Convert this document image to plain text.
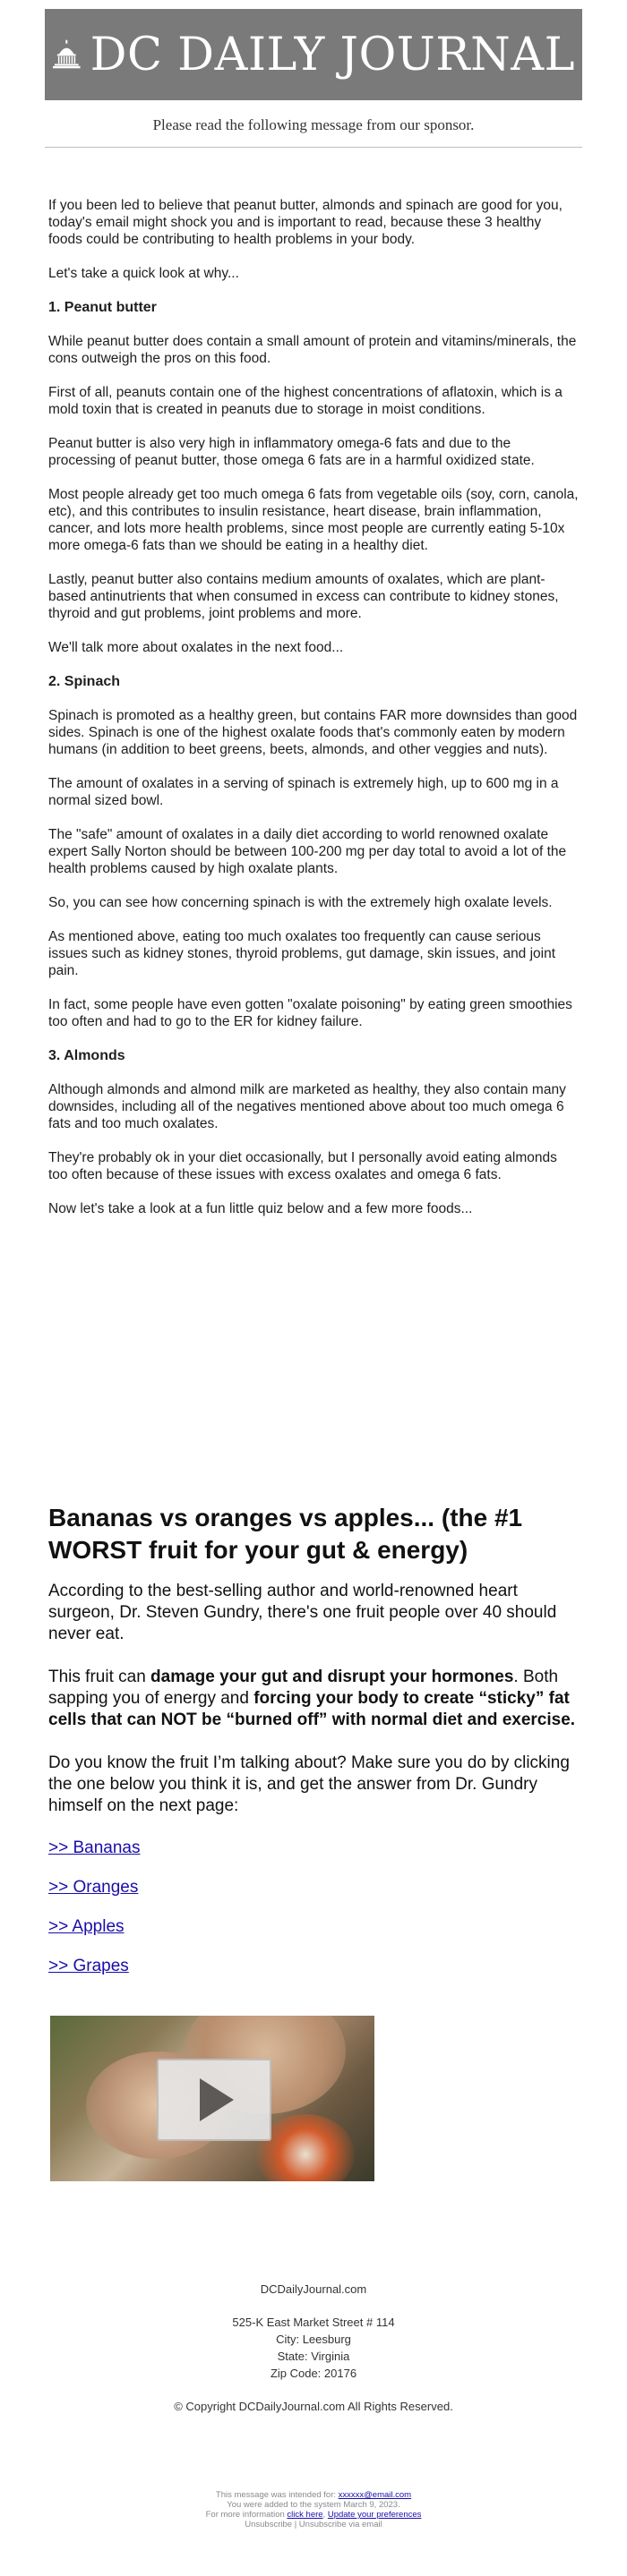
DC DAILY JOURNAL
Please read the following message from our sponsor.

If you been led to believe that peanut butter, almonds and spinach are good for you, today's email might shock you and is important to read, because these 3 healthy foods could be contributing to health problems in your body.

Let's take a quick look at why...

1. Peanut butter

While peanut butter does contain a small amount of protein and vitamins/minerals, the cons outweigh the pros on this food.

First of all, peanuts contain one of the highest concentrations of aflatoxin, which is a mold toxin that is created in peanuts due to storage in moist conditions.

Peanut butter is also very high in inflammatory omega-6 fats and due to the processing of peanut butter, those omega 6 fats are in a harmful oxidized state.

Most people already get too much omega 6 fats from vegetable oils (soy, corn, canola, etc), and this contributes to insulin resistance, heart disease, brain inflammation, cancer, and lots more health problems, since most people are currently eating 5-10x more omega-6 fats than we should be eating in a healthy diet.

Lastly, peanut butter also contains medium amounts of oxalates, which are plant-based antinutrients that when consumed in excess can contribute to kidney stones, thyroid and gut problems, joint problems and more.

We'll talk more about oxalates in the next food...

2. Spinach

Spinach is promoted as a healthy green, but contains FAR more downsides than good sides. Spinach is one of the highest oxalate foods that's commonly eaten by modern humans (in addition to beet greens, beets, almonds, and other veggies and nuts).

The amount of oxalates in a serving of spinach is extremely high, up to 600 mg in a normal sized bowl.

The "safe" amount of oxalates in a daily diet according to world renowned oxalate expert Sally Norton should be between 100-200 mg per day total to avoid a lot of the health problems caused by high oxalate plants.

So, you can see how concerning spinach is with the extremely high oxalate levels.

As mentioned above, eating too much oxalates too frequently can cause serious issues such as kidney stones, thyroid problems, gut damage, skin issues, and joint pain.

In fact, some people have even gotten "oxalate poisoning" by eating green smoothies too often and had to go to the ER for kidney failure.

3. Almonds

Although almonds and almond milk are marketed as healthy, they also contain many downsides, including all of the negatives mentioned above about too much omega 6 fats and too much oxalates.

They're probably ok in your diet occasionally, but I personally avoid eating almonds too often because of these issues with excess oxalates and omega 6 fats.

Now let's take a look at a fun little quiz below and a few more foods...

Bananas vs oranges vs apples... (the #1 WORST fruit for your gut & energy)

According to the best-selling author and world-renowned heart surgeon, Dr. Steven Gundry, there's one fruit people over 40 should never eat.

This fruit can damage your gut and disrupt your hormones. Both sapping you of energy and forcing your body to create “sticky” fat cells that can NOT be “burned off” with normal diet and exercise.

Do you know the fruit I’m talking about? Make sure you do by clicking the one below you think it is, and get the answer from Dr. Gundry himself on the next page:

>> Bananas
>> Oranges
>> Apples
>> Grapes
DCDailyJournal.com
525-K East Market Street # 114
City: Leesburg
State: Virginia
Zip Code: 20176
© Copyright DCDailyJournal.com All Rights Reserved.
This message was intended for: xxxxxx@email.com
You were added to the system March 9, 2023.
For more information click here, Update your preferences
Unsubscribe | Unsubscribe via email
